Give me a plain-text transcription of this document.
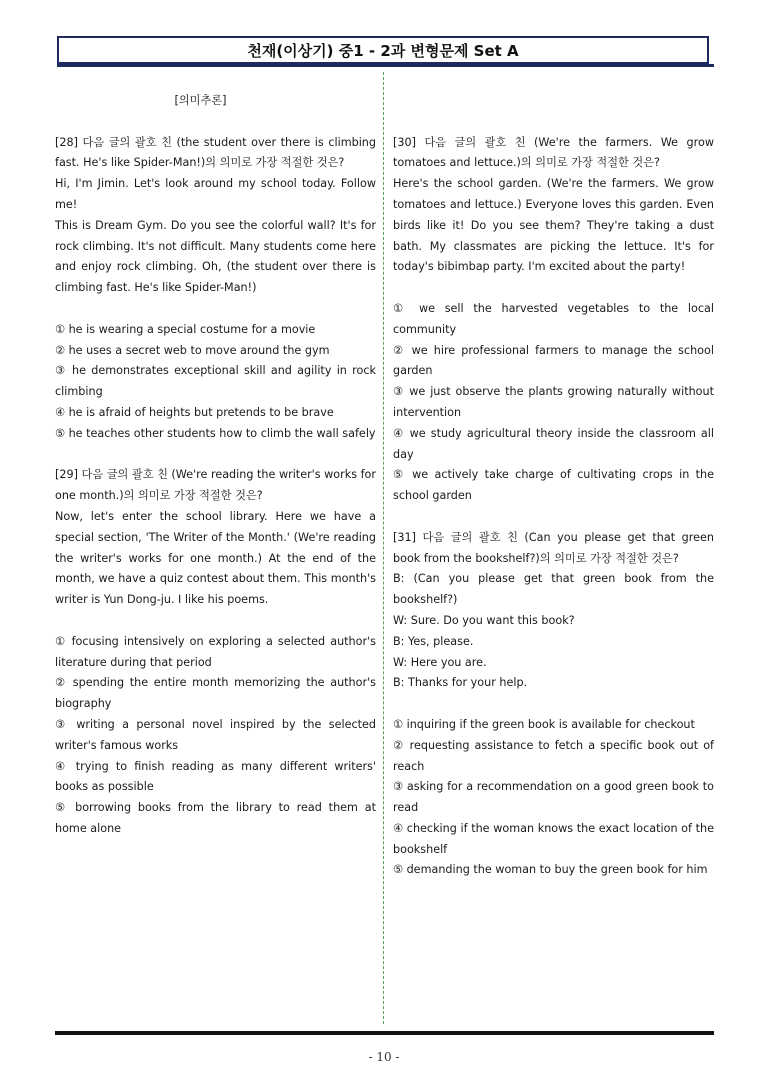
천재(이상기) 중1 - 2과 변형문제 Set A

[의미추론]

[28] 다음 글의 괄호 친 (the student over there is climbing fast. He's like Spider-Man!)의 의미로 가장 적절한 것은?

Hi, I'm Jimin. Let's look around my school today. Follow me!
This is Dream Gym. Do you see the colorful wall? It's for rock climbing. It's not difficult. Many students come here and enjoy rock climbing. Oh, (the student over there is climbing fast. He's like Spider-Man!)

① he is wearing a special costume for a movie

② he uses a secret web to move around the gym

③ he demonstrates exceptional skill and agility in rock climbing

④ he is afraid of heights but pretends to be brave

⑤ he teaches other students how to climb the wall safely

[29] 다음 글의 괄호 친 (We're reading the writer's works for one month.)의 의미로 가장 적절한 것은?

Now, let's enter the school library. Here we have a special section, 'The Writer of the Month.' (We're reading the writer's works for one month.) At the end of the month, we have a quiz contest about them. This month's writer is Yun Dong-ju. I like his poems.

① focusing intensively on exploring a selected author's literature during that period

② spending the entire month memorizing the author's biography

③ writing a personal novel inspired by the selected writer's famous works

④ trying to finish reading as many different writers' books as possible

⑤ borrowing books from the library to read them at home alone

[30] 다음 글의 괄호 친 (We're the farmers. We grow tomatoes and lettuce.)의 의미로 가장 적절한 것은?

Here's the school garden. (We're the farmers. We grow tomatoes and lettuce.) Everyone loves this garden. Even birds like it! Do you see them? They're taking a dust bath. My classmates are picking the lettuce. It's for today's bibimbap party. I'm excited about the party!

① we sell the harvested vegetables to the local community

② we hire professional farmers to manage the school garden

③ we just observe the plants growing naturally without intervention

④ we study agricultural theory inside the classroom all day

⑤ we actively take charge of cultivating crops in the school garden

[31] 다음 글의 괄호 친 (Can you please get that green book from the bookshelf?)의 의미로 가장 적절한 것은?

B: (Can you please get that green book from the bookshelf?)

W: Sure. Do you want this book?

B: Yes, please.

W: Here you are.

B: Thanks for your help.

① inquiring if the green book is available for checkout

② requesting assistance to fetch a specific book out of reach

③ asking for a recommendation on a good green book to read

④ checking if the woman knows the exact location of the bookshelf

⑤ demanding the woman to buy the green book for him

- 10 -
